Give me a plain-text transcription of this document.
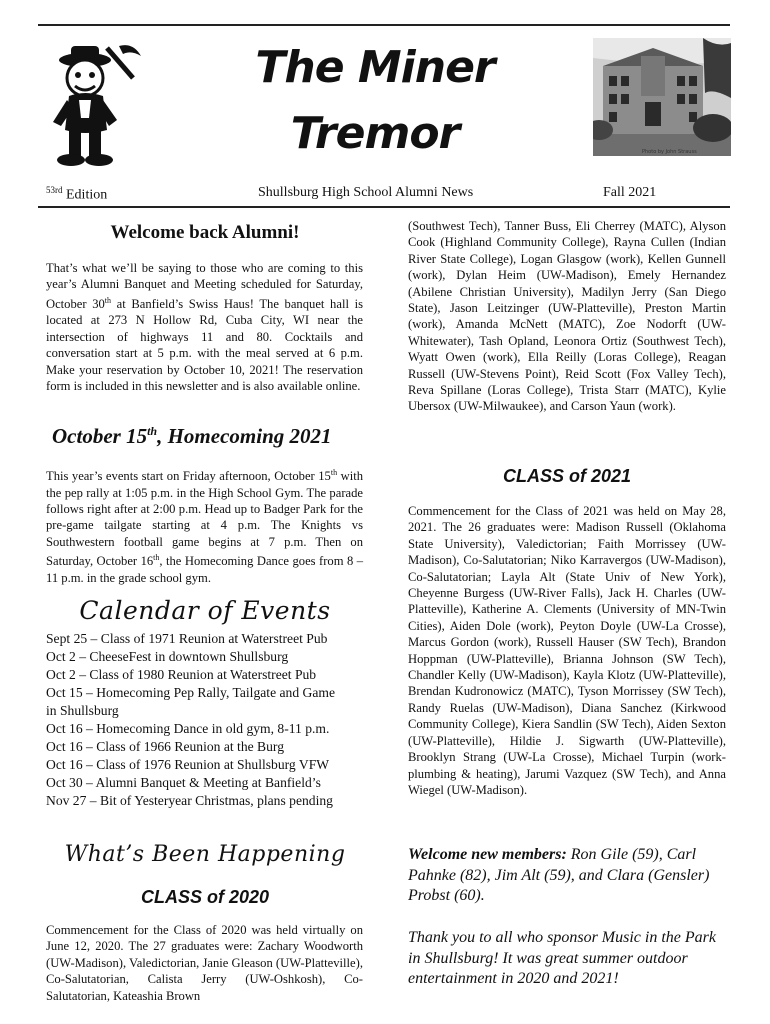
The Miner
Tremor	Photo by John Strauss
$^{53rd}$ Edition	Shullsburg High School Alumni News	Fall 2021
Welcome back Alumni!
That’s what we’ll be saying to those who are coming to this year’s Alumni Banquet and Meeting scheduled for Saturday, October 30th at Banfield’s Swiss Haus! The banquet hall is located at 273 N Hollow Rd, Cuba City, WI near the intersection of highways 11 and 80. Cocktails and conversation start at 5 p.m. with the meal served at 6 p.m. Make your reservation by October 10, 2021! The reservation form is included in this newsletter and is also available online.
October 15th, Homecoming 2021
This year’s events start on Friday afternoon, October 15th with the pep rally at 1:05 p.m. in the High School Gym. The parade follows right after at 2:00 p.m. Head up to Badger Park for the pre-game tailgate starting at 4 p.m. The Knights vs Southwestern football game begins at 7 p.m. Then on Saturday, October 16th, the Homecoming Dance goes from 8 – 11 p.m. in the grade school gym.
Calendar of Events
Sept 25 – Class of 1971 Reunion at Waterstreet Pub
Oct 2 – CheeseFest in downtown Shullsburg
Oct 2 – Class of 1980 Reunion at Waterstreet Pub
Oct 15 – Homecoming Pep Rally, Tailgate and Game in Shullsburg
Oct 16 – Homecoming Dance in old gym, 8-11 p.m.
Oct 16 – Class of 1966 Reunion at the Burg
Oct 16 – Class of 1976 Reunion at Shullsburg VFW
Oct 30 – Alumni Banquet & Meeting at Banfield’s
Nov 27 – Bit of Yesteryear Christmas, plans pending
What’s Been Happening
CLASS of 2020
Commencement for the Class of 2020 was held virtually on June 12, 2020. The 27 graduates were: Zachary Woodworth (UW-Madison), Valedictorian, Janie Gleason (UW-Platteville), Co-Salutatorian, Calista Jerry (UW-Oshkosh), Co-Salutatorian, Kateashia Brown
(Southwest Tech), Tanner Buss, Eli Cherrey (MATC), Alyson Cook (Highland Community College), Rayna Cullen (Indian River State College), Logan Glasgow (work), Kellen Gunnell (work), Dylan Heim (UW-Madison), Emely Hernandez (Abilene Christian University), Madilyn Jerry (San Diego State), Jason Leitzinger (UW-Platteville), Preston Martin (work), Amanda McNett (MATC), Zoe Nodorft (UW-Whitewater), Tash Opland, Leonora Ortiz (Southwest Tech), Wyatt Owen (work), Ella Reilly (Loras College), Reagan Russell (UW-Stevens Point), Reid Scott (Fox Valley Tech), Reva Spillane (Loras College), Trista Starr (MATC), Kylie Ubersox (UW-Milwaukee), and Carson Yaun (work).
CLASS of 2021
Commencement for the Class of 2021 was held on May 28, 2021. The 26 graduates were: Madison Russell (Oklahoma State University), Valedictorian; Faith Morrissey (UW-Madison), Co-Salutatorian; Niko Karravergos (UW-Madison), Co-Salutatorian; Layla Alt (State Univ of New York), Cheyenne Burgess (UW-River Falls), Jack H. Charles (UW-Platteville), Katherine A. Clements (University of MN-Twin Cities), Aiden Dole (work), Peyton Doyle (UW-La Crosse), Marcus Gordon (work), Russell Hauser (SW Tech), Brandon Hoppman (UW-Platteville), Brianna Johnson (SW Tech), Chandler Kelly (UW-Madison), Kayla Klotz (UW-Platteville), Brendan Kudronowicz (MATC), Tyson Morrissey (SW Tech), Randy Ruelas (UW-Madison), Diana Sanchez (Kirkwood Community College), Kiera Sandlin (SW Tech), Aiden Sexton (UW-Platteville), Hildie J. Sigwarth (UW-Platteville), Brooklyn Strang (UW-La Crosse), Michael Turpin (work-plumbing & heating), Jarumi Vazquez (SW Tech), and Anna Wiegel (UW-Madison).
Welcome new members: Ron Gile (59), Carl Pahnke (82), Jim Alt (59), and Clara (Gensler) Probst (60).
Thank you to all who sponsor Music in the Park in Shullsburg! It was great summer outdoor entertainment in 2020 and 2021!
